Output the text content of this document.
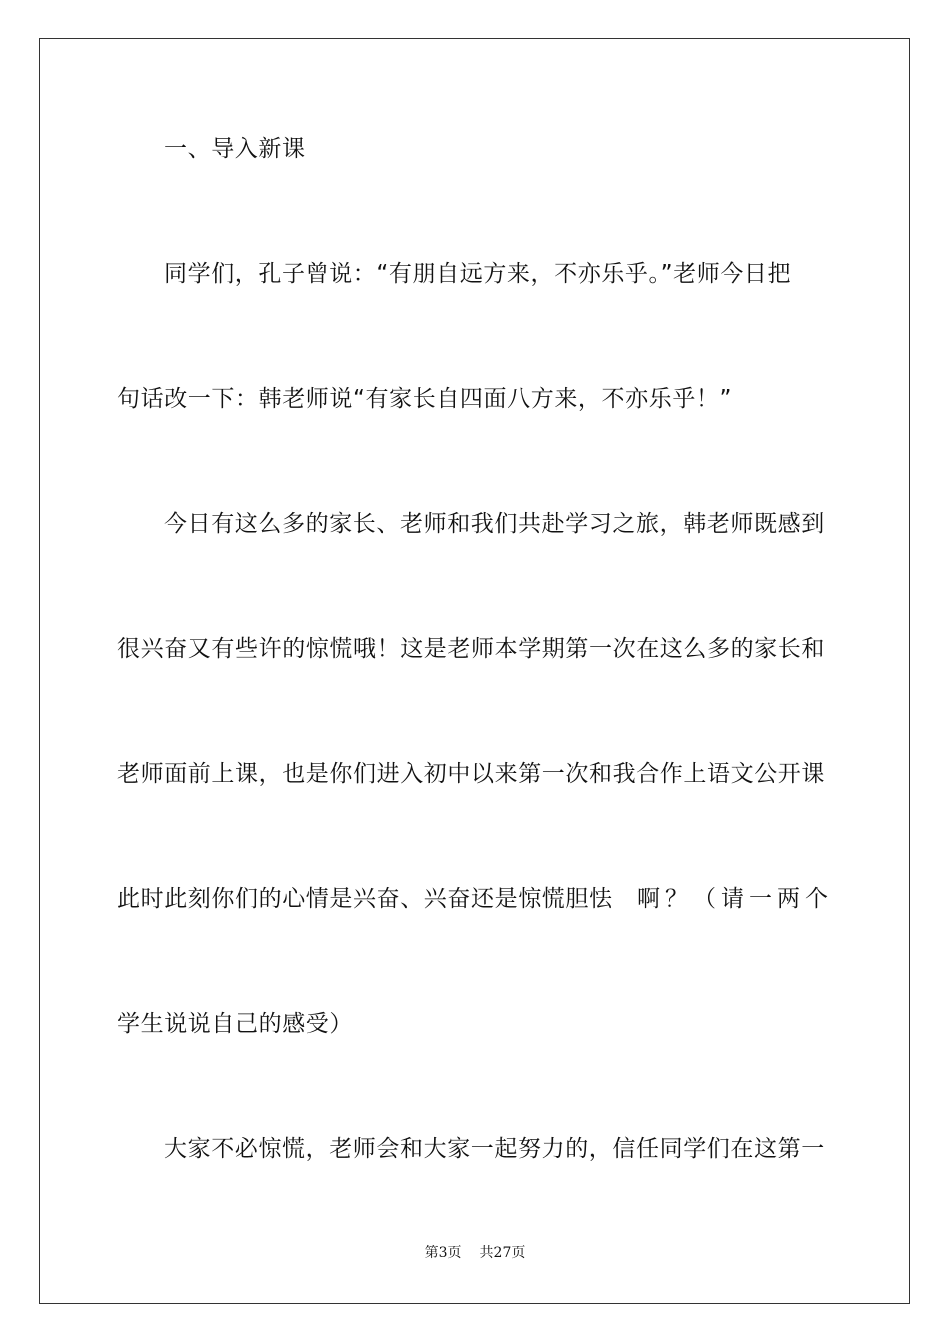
一、导入新课
同学们，孔子曾说：“有朋自远方来，不亦乐乎。”老师今日把
句话改一下：韩老师说“有家长自四面八方来，不亦乐乎！”
今日有这么多的家长、老师和我们共赴学习之旅，韩老师既感到
很兴奋又有些许的惊慌哦！这是老师本学期第一次在这么多的家长和
老师面前上课，也是你们进入初中以来第一次和我合作上语文公开课
此时此刻你们的心情是兴奋、兴奋还是惊慌胆怯 啊？（请一两个
学生说说自己的感受）
大家不必惊慌，老师会和大家一起努力的，信任同学们在这第一
第3页 共27页
